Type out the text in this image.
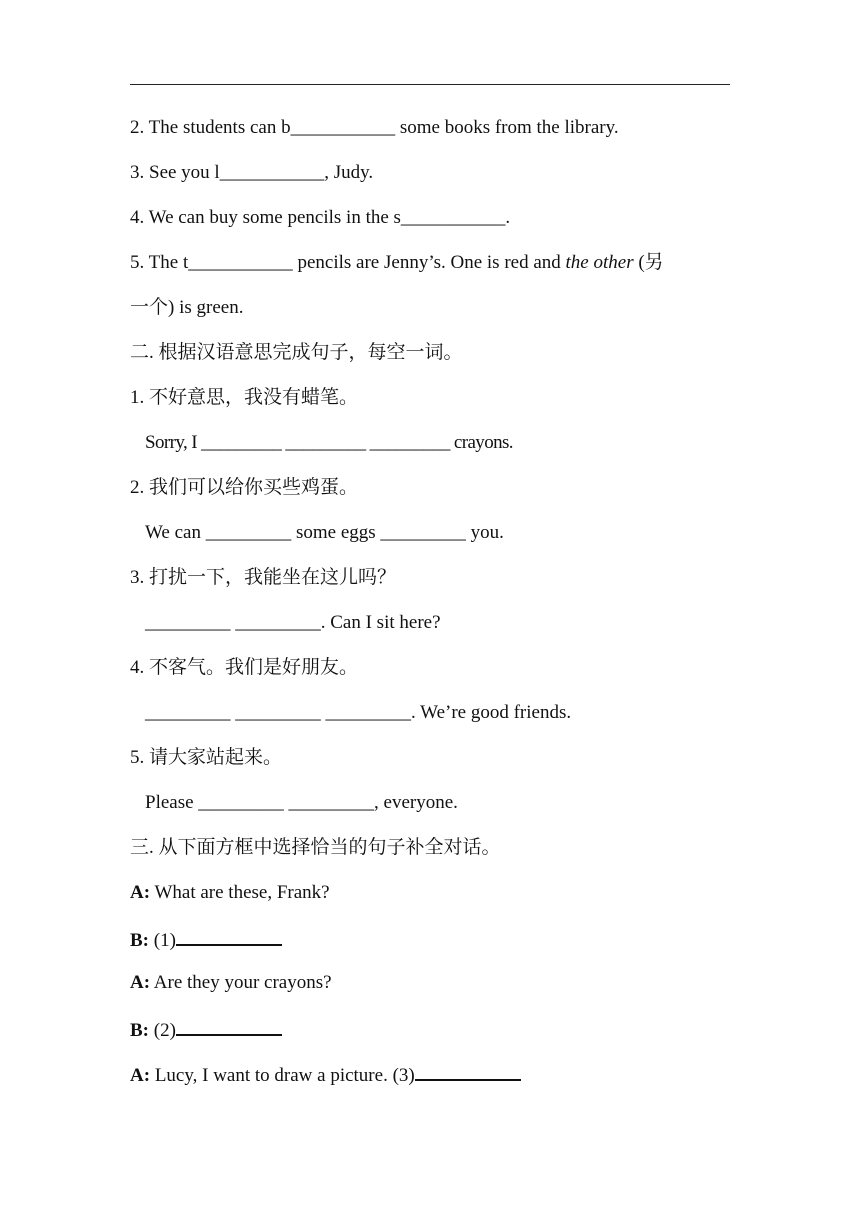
2. The students can b___________ some books from the library.
3. See you l___________, Judy.
4. We can buy some pencils in the s___________.
5. The t___________ pencils are Jenny’s. One is red and the other (另
一个) is green.
二. 根据汉语意思完成句子，每空一词。
1. 不好意思，我没有蜡笔。
Sorry, I _________ _________ _________ crayons.
2. 我们可以给你买些鸡蛋。
We can _________ some eggs _________ you.
3. 打扰一下，我能坐在这儿吗？
_________ _________. Can I sit here?
4. 不客气。我们是好朋友。
_________ _________ _________. We’re good friends.
5. 请大家站起来。
Please _________ _________, everyone.
三. 从下面方框中选择恰当的句子补全对话。
A: What are these, Frank?
B: (1)
A: Are they your crayons?
B: (2)
A: Lucy, I want to draw a picture. (3)
